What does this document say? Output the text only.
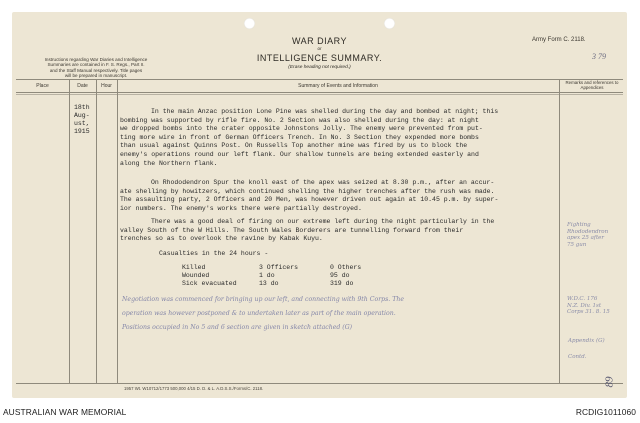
Instructions regarding War Diaries and Intelligence
Summaries are contained in F. S. Regs., Part II.
and the Staff Manual respectively. Title pages
will be prepared in manuscript.
WAR DIARY
or
INTELLIGENCE SUMMARY.
(Erase heading not required.)
Army Form C. 2118.
3 79
Place	Date	Hour	Summary of Events and Information
Remarks and references to Appendices
18th
Aug-
ust,
1915
In the main Anzac position Lone Pine was shelled during the day and bombed at night; this
bombing was supported by rifle fire. No. 2 Section was also shelled during the day: at night
we dropped bombs into the crater opposite Johnstons Jolly. The enemy were prevented from put-
ting more wire in front of German Officers Trench. In No. 3 Section they expended more bombs
than usual against Quinns Post. On Russells Top another mine was fired by us to block the
enemy's operations round our left flank. Our shallow tunnels are being extended easterly and
along the Northern flank.
On Rhododendron Spur the knoll east of the apex was seized at 8.30 p.m., after an accur-
ate shelling by howitzers, which continued shelling the higher trenches after the rush was made.
The assaulting party, 2 Officers and 20 Men, was however driven out again at 10.45 p.m. by super-
ior numbers. The enemy's works there were partially destroyed.
There was a good deal of firing on our extreme left during the night particularly in the
valley South of the W Hills. The South Wales Borderers are tunnelling forward from their
trenches so as to overlook the ravine by Kabak Kuyu.
Casualties in the 24 hours -
Killed	3 Officers	0 Others
Wounded	1 do	95 do
Sick evacuated	13 do	319 do
Negotiation was commenced for bringing up our left, and connecting with 9th Corps. The
operation was however postponed & to undertaken later as part of the main operation.
Positions occupied in No 5 and 6 section are given in sketch attached (G)
Fighting
Rhododendron
apex 25 after
75 gun
W.D.C. 176
N.Z. Div. 1st
Corps 31. 8. 15
Appendix (G)
Contd.
89
1957 Wt. W10712/1773 500,000 4/15 D. D. & L. A.D.S.S./Forms/C. 2118.
AUSTRALIAN WAR MEMORIAL	RCDIG1011060
